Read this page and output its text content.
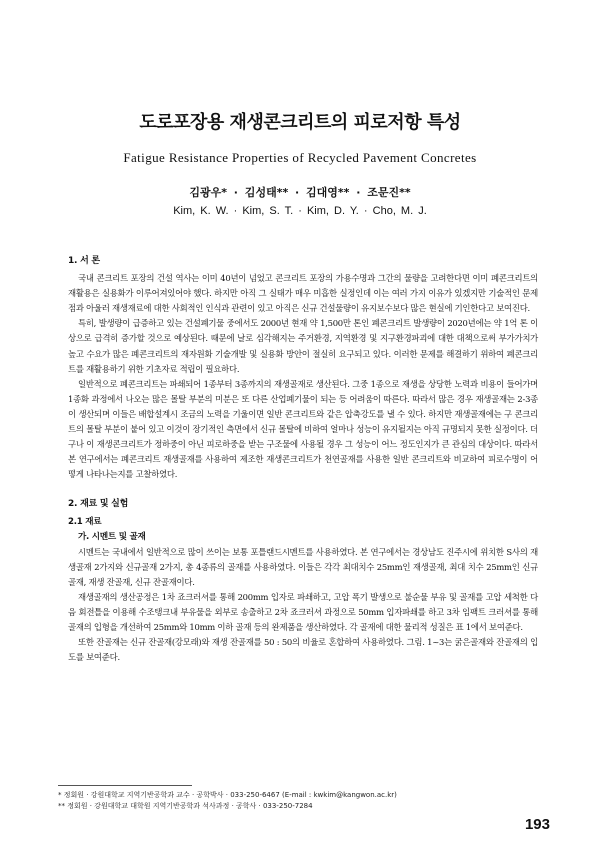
도로포장용 재생콘크리트의 피로저항 특성
Fatigue Resistance Properties of Recycled Pavement Concretes
김광우* · 김성태** · 김대영** · 조문진**
Kim, K. W. · Kim, S. T. · Kim, D. Y. · Cho, M. J.
1. 서 론

국내 콘크리트 포장의 건설 역사는 이미 40년이 넘었고 콘크리트 포장의 가용수명과 그간의 물량을 고려한다면 이미 폐콘크리트의 재활용은 실용화가 이루어져있어야 했다. 하지만 아직 그 실태가 매우 미흡한 실정인데 이는 여러 가지 이유가 있겠지만 기술적인 문제점과 아울러 재생재료에 대한 사회적인 인식과 관련이 있고 아직은 신규 건설물량이 유지보수보다 많은 현실에 기인한다고 보여진다.

특히, 발생량이 급증하고 있는 건설폐기물 중에서도 2000년 현재 약 1,500만 톤인 폐콘크리트 발생량이 2020년에는 약 1억 톤 이상으로 급격히 증가할 것으로 예상된다. 때문에 날로 심각해지는 주거환경, 지역환경 및 지구환경파괴에 대한 대책으로써 부가가치가 높고 수요가 많은 폐콘크리트의 재자원화 기술개발 및 실용화 방안이 절실히 요구되고 있다. 이러한 문제를 해결하기 위하여 폐콘크리트를 재활용하기 위한 기초자료 적립이 필요하다.

일반적으로 폐콘크리트는 파쇄되어 1종부터 3종까지의 재생골재로 생산된다. 그중 1종으로 재생을 상당한 노력과 비용이 들어가며 1종화 과정에서 나오는 많은 몰탈 부분의 미분은 또 다른 산업폐기물이 되는 등 어려움이 따른다. 따라서 많은 경우 재생골재는 2-3종이 생산되며 이들은 배합설계시 조금의 노력을 기울이면 일반 콘크리트와 같은 압축강도를 낼 수 있다. 하지만 재생골재에는 구 콘크리트의 몰탈 부분이 붙어 있고 이것이 장기적인 측면에서 신규 몰탈에 비하여 얼마나 성능이 유지될지는 아직 규명되지 못한 실정이다. 더구나 이 재생콘크리트가 정하중이 아닌 피로하중을 받는 구조물에 사용될 경우 그 성능이 어느 정도인지가 큰 관심의 대상이다. 따라서 본 연구에서는 폐콘크리트 재생골재를 사용하여 제조한 재생콘크리트가 천연골재를 사용한 일반 콘크리트와 비교하여 피로수명이 어떻게 나타나는지를 고찰하였다.

2. 재료 및 실험
2.1 재료
가. 시멘트 및 골재

시멘트는 국내에서 일반적으로 많이 쓰이는 보통 포틀랜드시멘트를 사용하였다. 본 연구에서는 경상남도 진주시에 위치한 S사의 재생골재 2가지와 신규골재 2가지, 총 4종류의 골재를 사용하였다. 이들은 각각 최대치수 25mm인 재생골재, 최대 치수 25mm인 신규골재, 재생 잔골재, 신규 잔골재이다.

재생골재의 생산공정은 1차 죠크러셔를 통해 200mm 입자로 파쇄하고, 고압 폭기 발생으로 불순물 부유 및 골재를 고압 세척한 다음 회전틀을 이용해 수조탱크내 부유물을 외부로 송출하고 2차 죠크러셔 과정으로 50mm 입자파쇄를 하고 3차 임팩트 크러셔를 통해 골재의 입형을 개선하여 25mm와 10mm 이하 골재 등의 완제품을 생산하였다. 각 골재에 대한 물리적 성질은 표 1에서 보여준다.

또한 잔골재는 신규 잔골재(강모래)와 재생 잔골재를 50 : 50의 비율로 혼합하여 사용하였다. 그림. 1~3는 굵은골재와 잔골재의 입도를 보여준다.

* 정회원 · 강원대학교 지역기반공학과 교수 · 공학박사 · 033-250-6467 (E-mail : kwkim@kangwon.ac.kr)
** 정회원 · 강원대학교 대학원 지역기반공학과 석사과정 · 공학사 · 033-250-7284
193
